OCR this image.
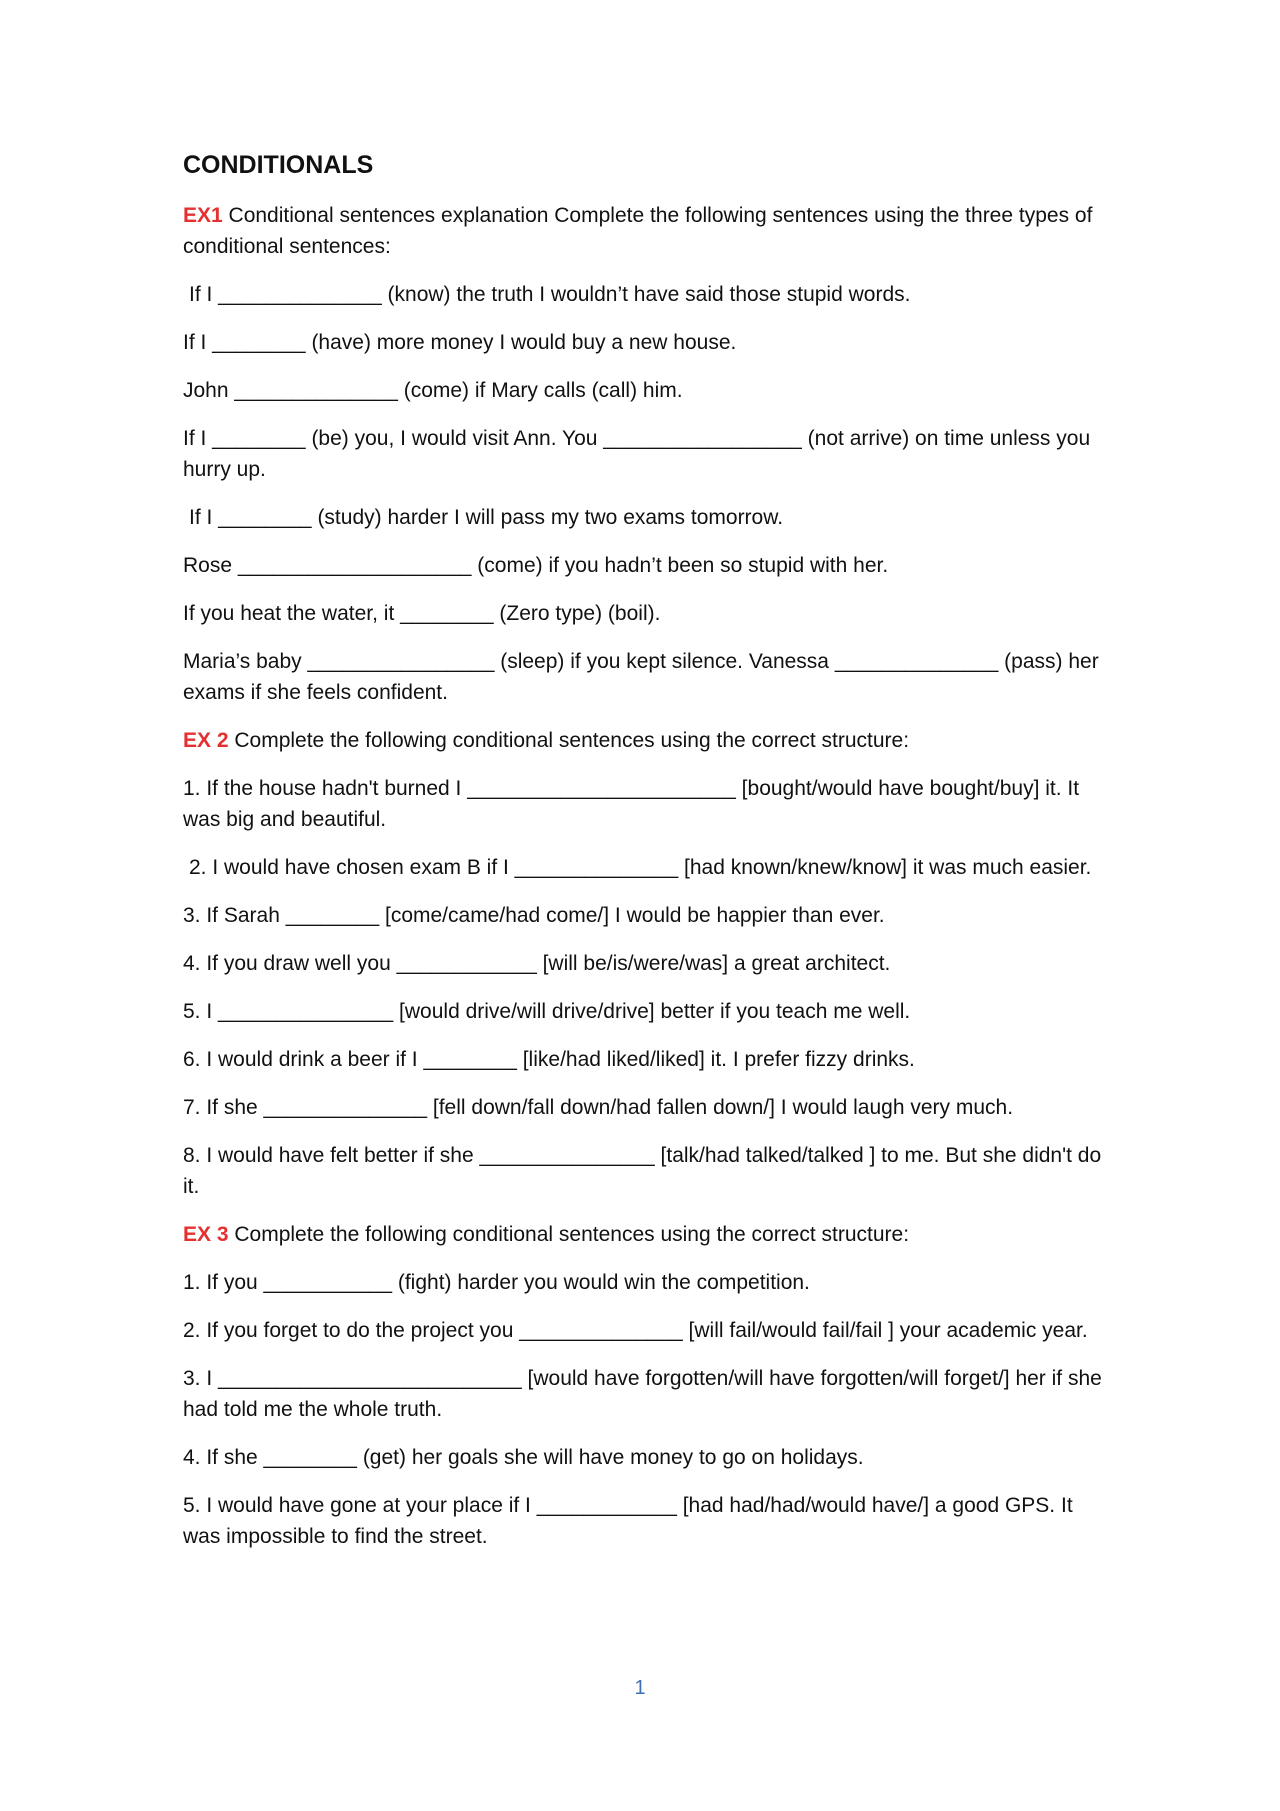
CONDITIONALS
EX1 Conditional sentences explanation Complete the following sentences using the three types of conditional sentences:
If I ______________ (know) the truth I wouldn’t have said those stupid words.
If I ________ (have) more money I would buy a new house.
John ______________ (come) if Mary calls (call) him.
If I ________ (be) you, I would visit Ann. You _________________ (not arrive) on time unless you hurry up.
If I ________ (study) harder I will pass my two exams tomorrow.
Rose ____________________ (come) if you hadn’t been so stupid with her.
If you heat the water, it ________ (Zero type) (boil).
Maria’s baby ________________ (sleep) if you kept silence. Vanessa ______________ (pass) her exams if she feels confident.
EX 2 Complete the following conditional sentences using the correct structure:
1. If the house hadn't burned I _______________________ [bought/would have bought/buy] it. It was big and beautiful.
2. I would have chosen exam B if I ______________ [had known/knew/know] it was much easier.
3. If Sarah ________ [come/came/had come/] I would be happier than ever.
4. If you draw well you ____________ [will be/is/were/was] a great architect.
5. I _______________ [would drive/will drive/drive] better if you teach me well.
6. I would drink a beer if I ________ [like/had liked/liked] it. I prefer fizzy drinks.
7. If she ______________ [fell down/fall down/had fallen down/] I would laugh very much.
8. I would have felt better if she _______________ [talk/had talked/talked ] to me. But she didn't do it.
EX 3 Complete the following conditional sentences using the correct structure:
1. If you ___________ (fight) harder you would win the competition.
2. If you forget to do the project you ______________ [will fail/would fail/fail ] your academic year.
3. I __________________________ [would have forgotten/will have forgotten/will forget/] her if she had told me the whole truth.
4. If she ________ (get) her goals she will have money to go on holidays.
5. I would have gone at your place if I ____________ [had had/had/would have/] a good GPS. It was impossible to find the street.
1
